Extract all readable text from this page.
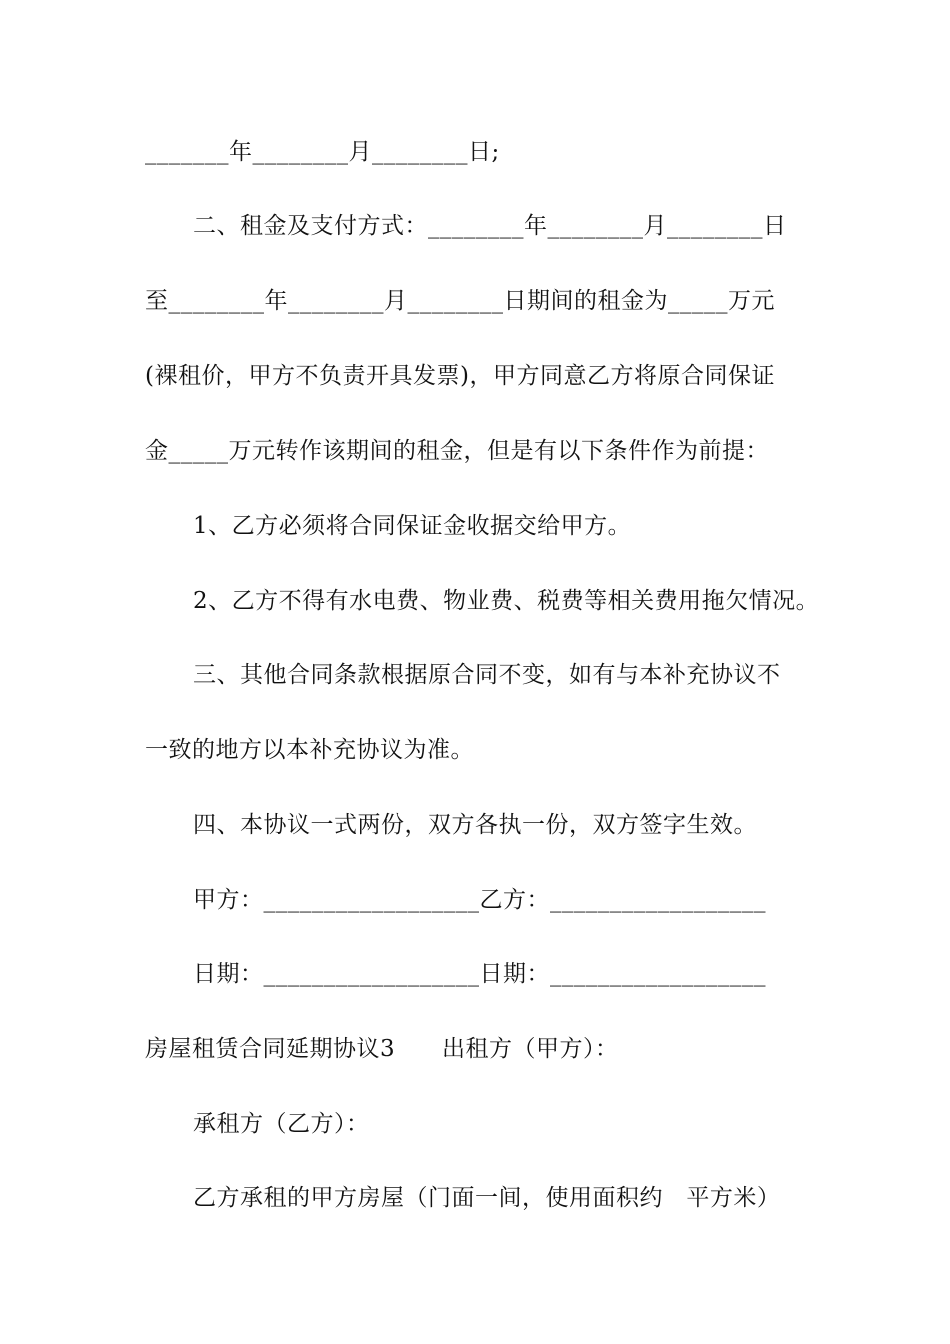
_______年________月________日;
二、租金及支付方式：________年________月________日
至________年________月________日期间的租金为_____万元
(裸租价，甲方不负责开具发票)，甲方同意乙方将原合同保证
金_____万元转作该期间的租金，但是有以下条件作为前提：
1、乙方必须将合同保证金收据交给甲方。
2、乙方不得有水电费、物业费、税费等相关费用拖欠情况。
三、其他合同条款根据原合同不变，如有与本补充协议不
一致的地方以本补充协议为准。
四、本协议一式两份，双方各执一份，双方签字生效。
甲方：__________________乙方：__________________
日期：__________________日期：__________________
房屋租赁合同延期协议3      出租方（甲方）：
承租方（乙方）：
乙方承租的甲方房屋（门面一间，使用面积约   平方米）
